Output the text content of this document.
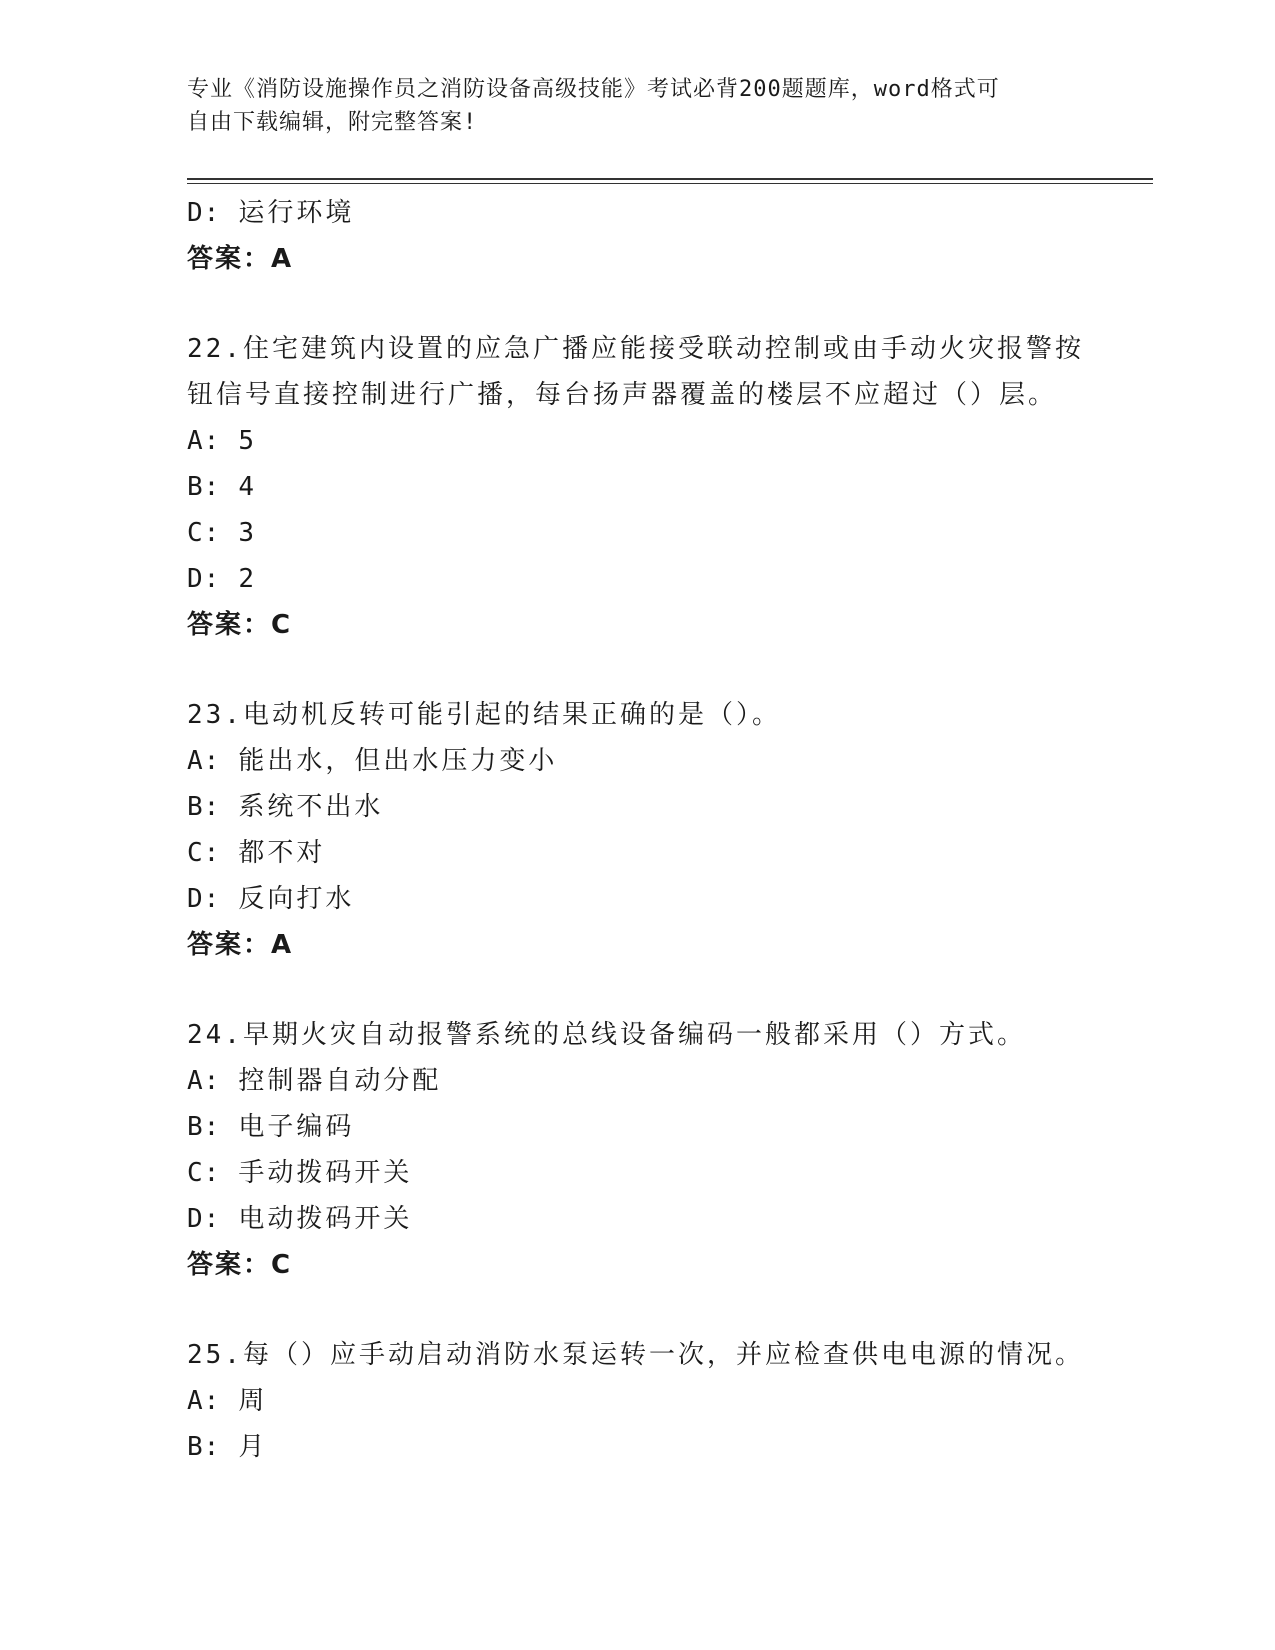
专业《消防设施操作员之消防设备高级技能》考试必背200题题库，word格式可
自由下载编辑，附完整答案!
D: 运行环境
答案：A
22.住宅建筑内设置的应急广播应能接受联动控制或由手动火灾报警按
钮信号直接控制进行广播，每台扬声器覆盖的楼层不应超过（）层。
A: 5
B: 4
C: 3
D: 2
答案：C
23.电动机反转可能引起的结果正确的是（）。
A: 能出水，但出水压力变小
B: 系统不出水
C: 都不对
D: 反向打水
答案：A
24.早期火灾自动报警系统的总线设备编码一般都采用（）方式。
A: 控制器自动分配
B: 电子编码
C: 手动拨码开关
D: 电动拨码开关
答案：C
25.每（）应手动启动消防水泵运转一次，并应检查供电电源的情况。
A: 周
B: 月
